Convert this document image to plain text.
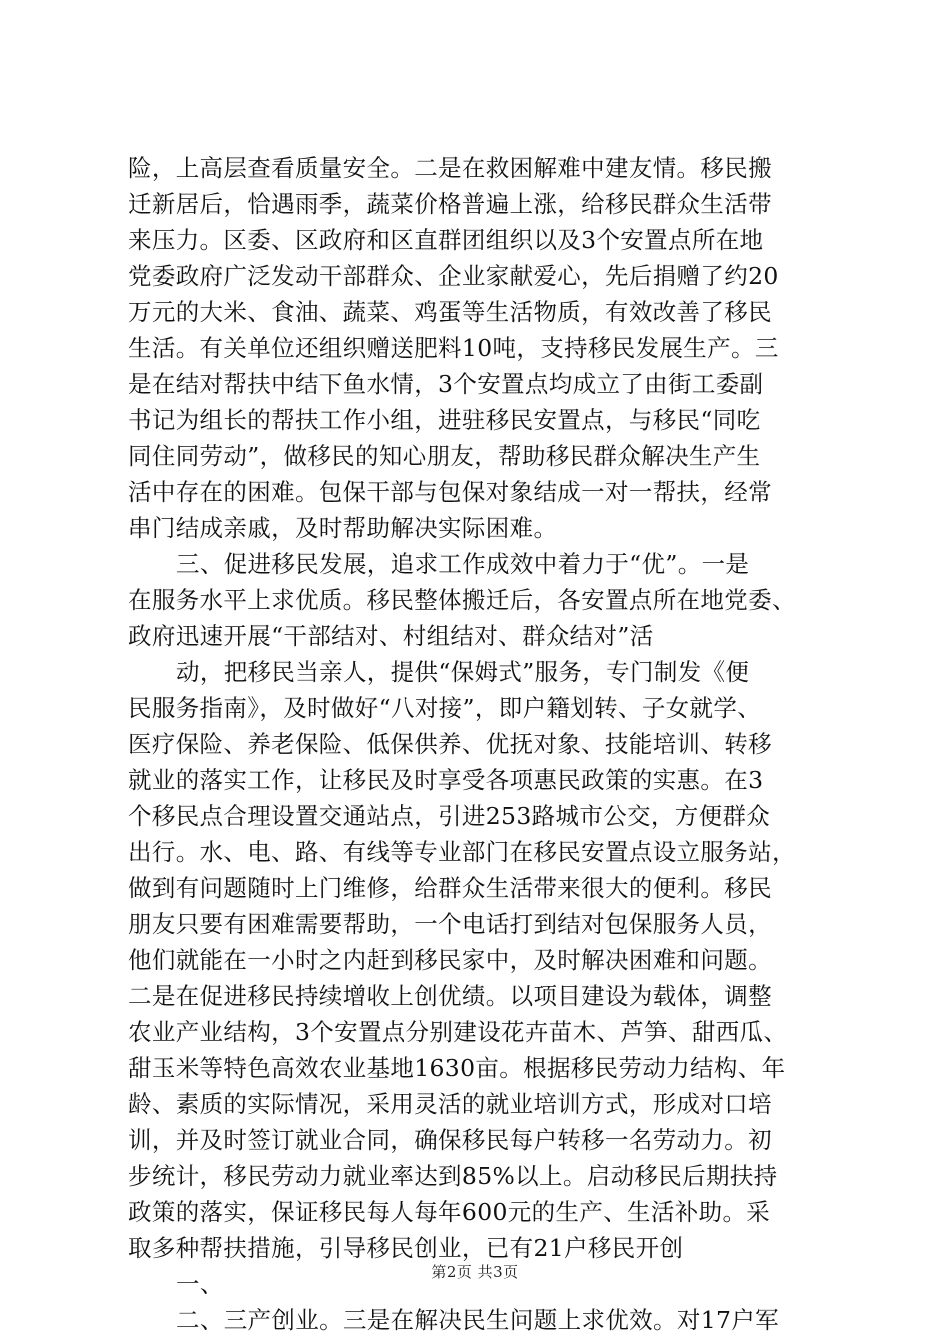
险，上高层查看质量安全。二是在救困解难中建友情。移民搬
迁新居后，恰遇雨季，蔬菜价格普遍上涨，给移民群众生活带
来压力。区委、区政府和区直群团组织以及3个安置点所在地
党委政府广泛发动干部群众、企业家献爱心，先后捐赠了约20
万元的大米、食油、蔬菜、鸡蛋等生活物质，有效改善了移民
生活。有关单位还组织赠送肥料10吨，支持移民发展生产。三
是在结对帮扶中结下鱼水情，3个安置点均成立了由街工委副
书记为组长的帮扶工作小组，进驻移民安置点，与移民“同吃
同住同劳动”，做移民的知心朋友，帮助移民群众解决生产生
活中存在的困难。包保干部与包保对象结成一对一帮扶，经常
串门结成亲戚，及时帮助解决实际困难。
三、促进移民发展，追求工作成效中着力于“优”。一是
在服务水平上求优质。移民整体搬迁后，各安置点所在地党委、
政府迅速开展“干部结对、村组结对、群众结对”活
动，把移民当亲人，提供“保姆式”服务，专门制发《便
民服务指南》，及时做好“八对接”，即户籍划转、子女就学、
医疗保险、养老保险、低保供养、优抚对象、技能培训、转移
就业的落实工作，让移民及时享受各项惠民政策的实惠。在3
个移民点合理设置交通站点，引进253路城市公交，方便群众
出行。水、电、路、有线等专业部门在移民安置点设立服务站，
做到有问题随时上门维修，给群众生活带来很大的便利。移民
朋友只要有困难需要帮助，一个电话打到结对包保服务人员，
他们就能在一小时之内赶到移民家中，及时解决困难和问题。
二是在促进移民持续增收上创优绩。以项目建设为载体，调整
农业产业结构，3个安置点分别建设花卉苗木、芦笋、甜西瓜、
甜玉米等特色高效农业基地1630亩。根据移民劳动力结构、年
龄、素质的实际情况，采用灵活的就业培训方式，形成对口培
训，并及时签订就业合同，确保移民每户转移一名劳动力。初
步统计，移民劳动力就业率达到85%以上。启动移民后期扶持
政策的落实，保证移民每人每年600元的生产、生活补助。采
取多种帮扶措施，引导移民创业，已有21户移民开创
一、
二、三产创业。三是在解决民生问题上求优效。对17户军
第2页 共3页
